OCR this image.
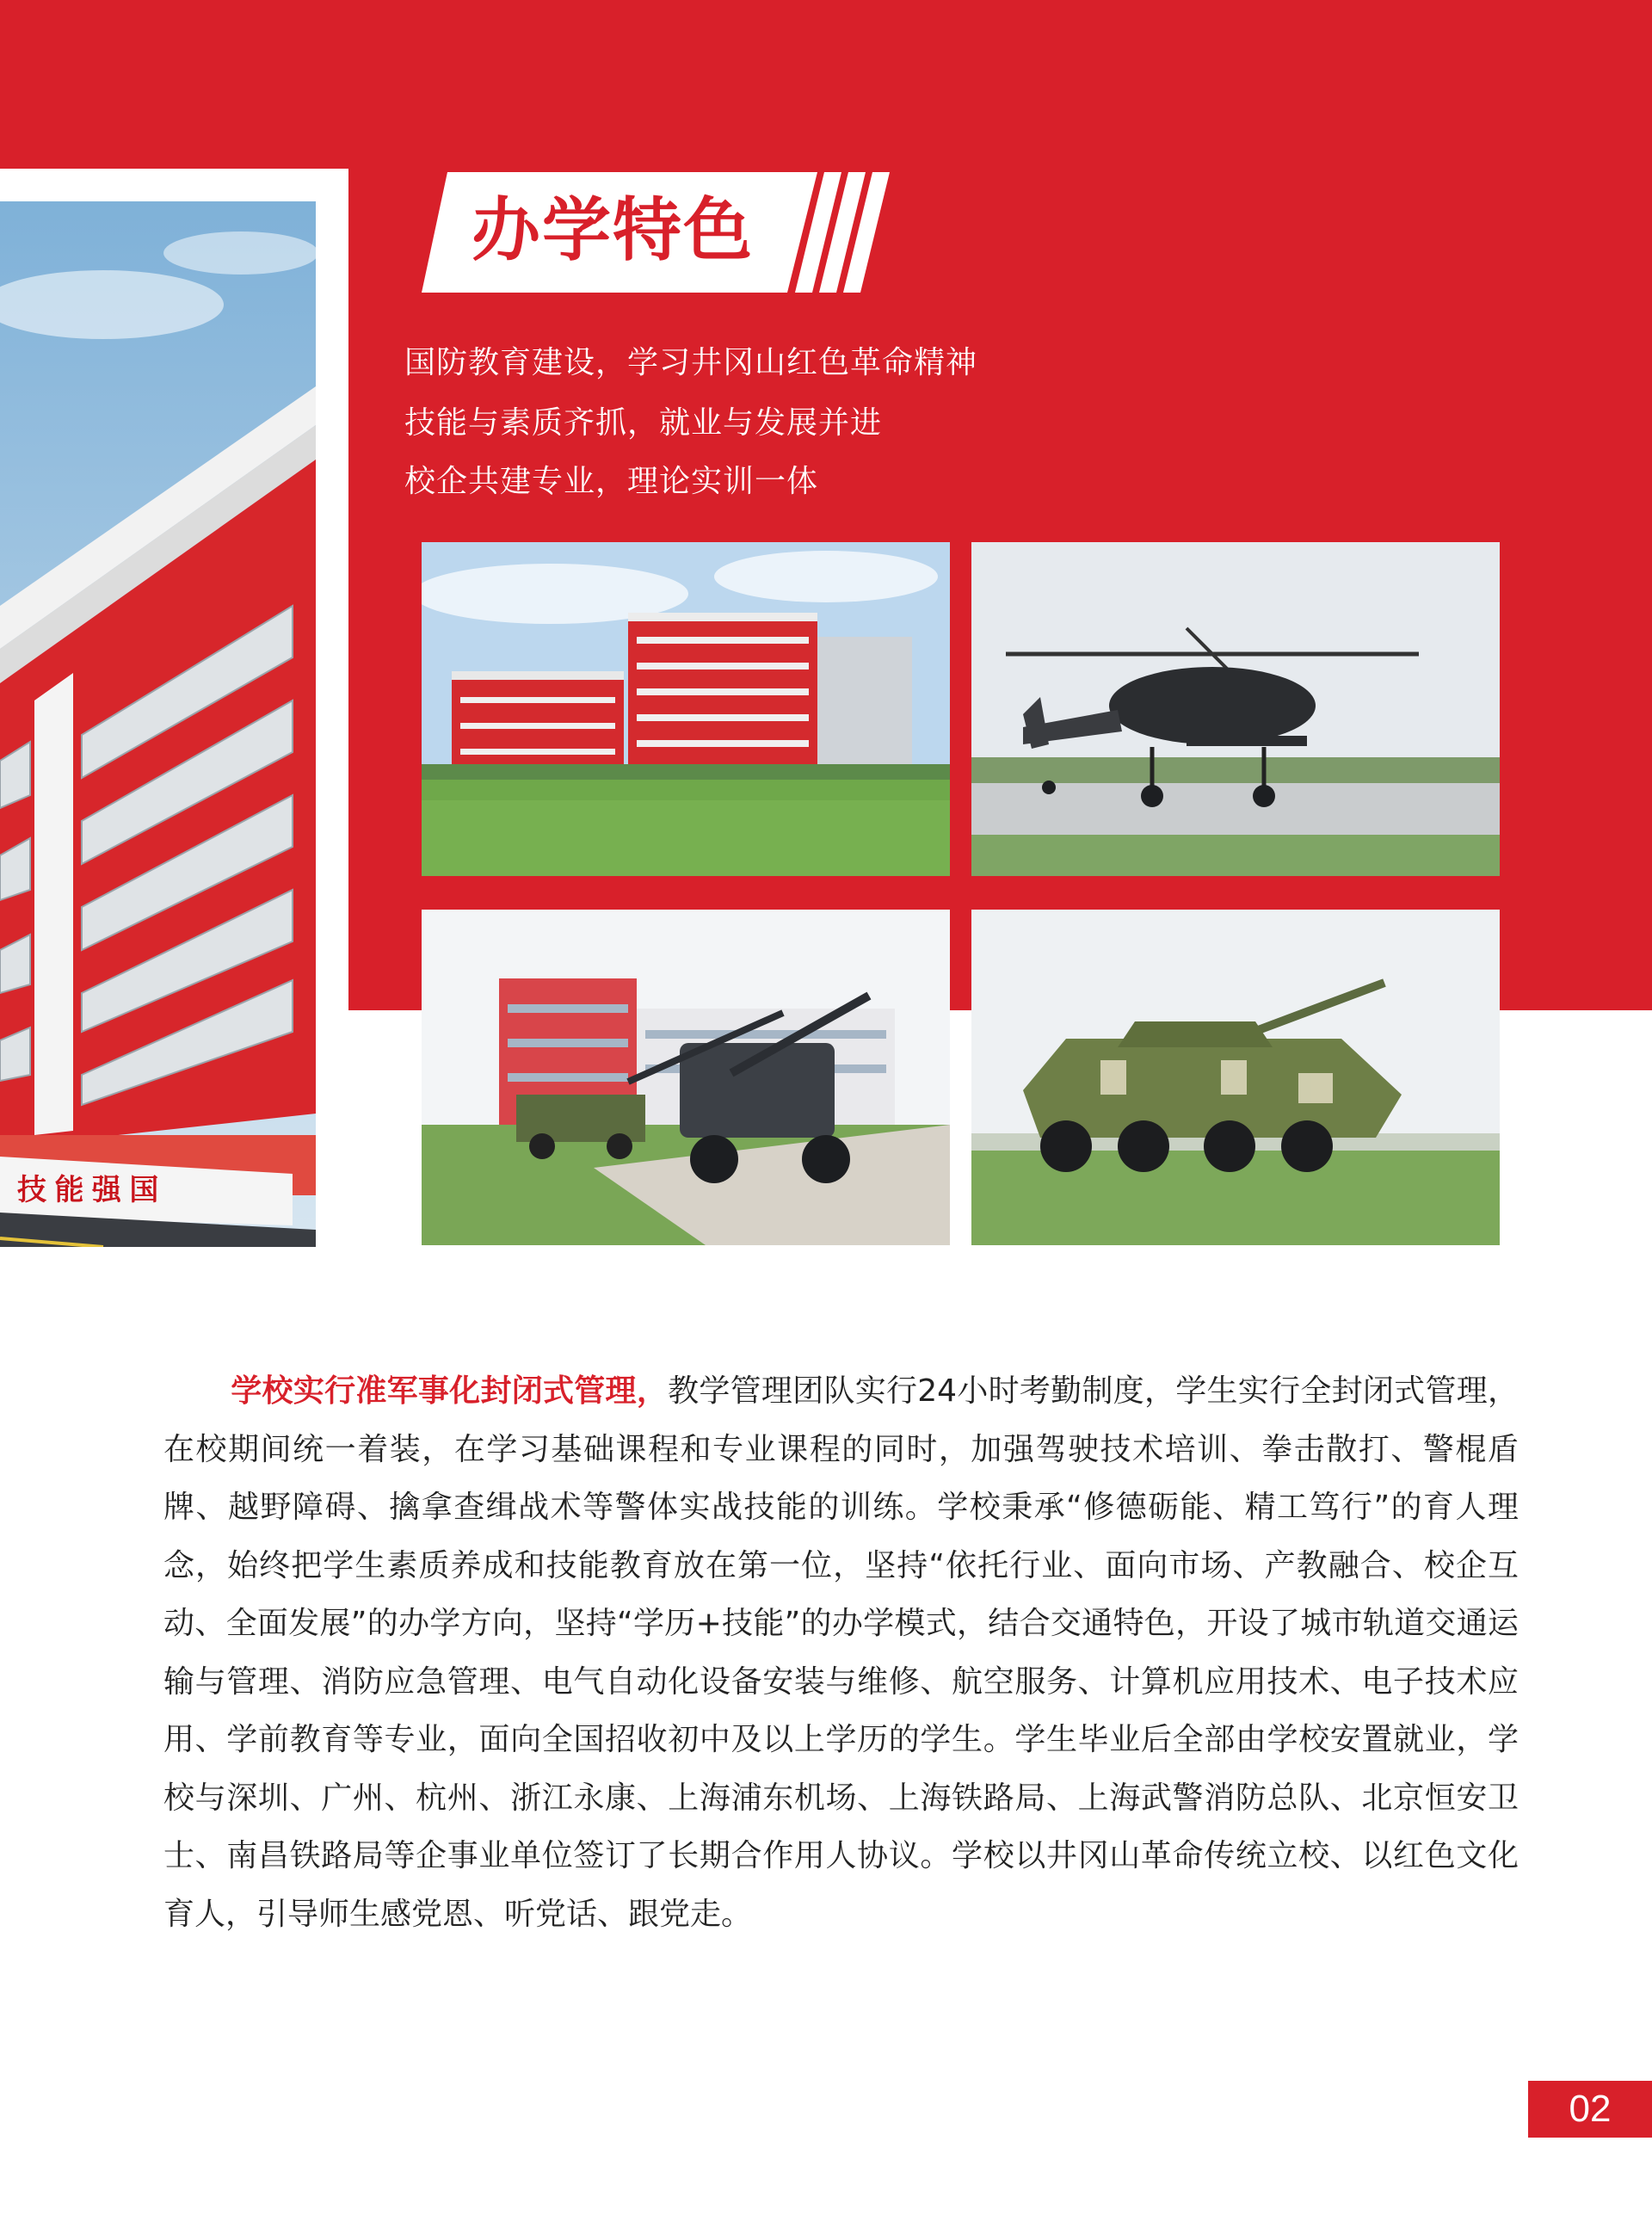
技 能 强 国
办学特色
国防教育建设，学习井冈山红色革命精神
技能与素质齐抓，就业与发展并进
校企共建专业，理论实训一体
学校实行准军事化封闭式管理，教学管理团队实行24小时考勤制度，学生实行全封闭式管理，在校期间统一着装，在学习基础课程和专业课程的同时，加强驾驶技术培训、拳击散打、警棍盾牌、越野障碍、擒拿查缉战术等警体实战技能的训练。学校秉承“修德砺能、精工笃行”的育人理念，始终把学生素质养成和技能教育放在第一位，坚持“依托行业、面向市场、产教融合、校企互动、全面发展”的办学方向，坚持“学历+技能”的办学模式，结合交通特色，开设了城市轨道交通运输与管理、消防应急管理、电气自动化设备安装与维修、航空服务、计算机应用技术、电子技术应用、学前教育等专业，面向全国招收初中及以上学历的学生。学生毕业后全部由学校安置就业，学校与深圳、广州、杭州、浙江永康、上海浦东机场、上海铁路局、上海武警消防总队、北京恒安卫士、南昌铁路局等企事业单位签订了长期合作用人协议。学校以井冈山革命传统立校、以红色文化育人，引导师生感党恩、听党话、跟党走。
02
